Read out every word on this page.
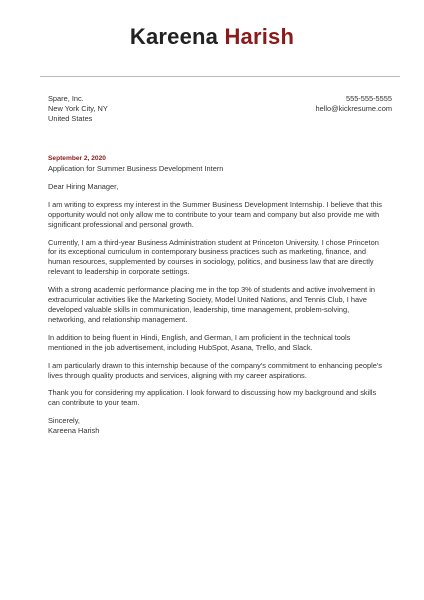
Kareena Harish
Spare, Inc.
New York City, NY
United States
555-555-5555
hello@kickresume.com
September 2, 2020
Application for Summer Business Development Intern
Dear Hiring Manager,

I am writing to express my interest in the Summer Business Development Internship. I believe that this opportunity would not only allow me to contribute to your team and company but also provide me with significant professional and personal growth.

Currently, I am a third-year Business Administration student at Princeton University. I chose Princeton for its exceptional curriculum in contemporary business practices such as marketing, finance, and human resources, supplemented by courses in sociology, politics, and business law that are directly relevant to leadership in corporate settings.

With a strong academic performance placing me in the top 3% of students and active involvement in extracurricular activities like the Marketing Society, Model United Nations, and Tennis Club, I have developed valuable skills in communication, leadership, time management, problem-solving, networking, and relationship management.

In addition to being fluent in Hindi, English, and German, I am proficient in the technical tools mentioned in the job advertisement, including HubSpot, Asana, Trello, and Slack.

I am particularly drawn to this internship because of the company's commitment to enhancing people's lives through quality products and services, aligning with my career aspirations.

Thank you for considering my application. I look forward to discussing how my background and skills can contribute to your team.

Sincerely,
Kareena Harish
